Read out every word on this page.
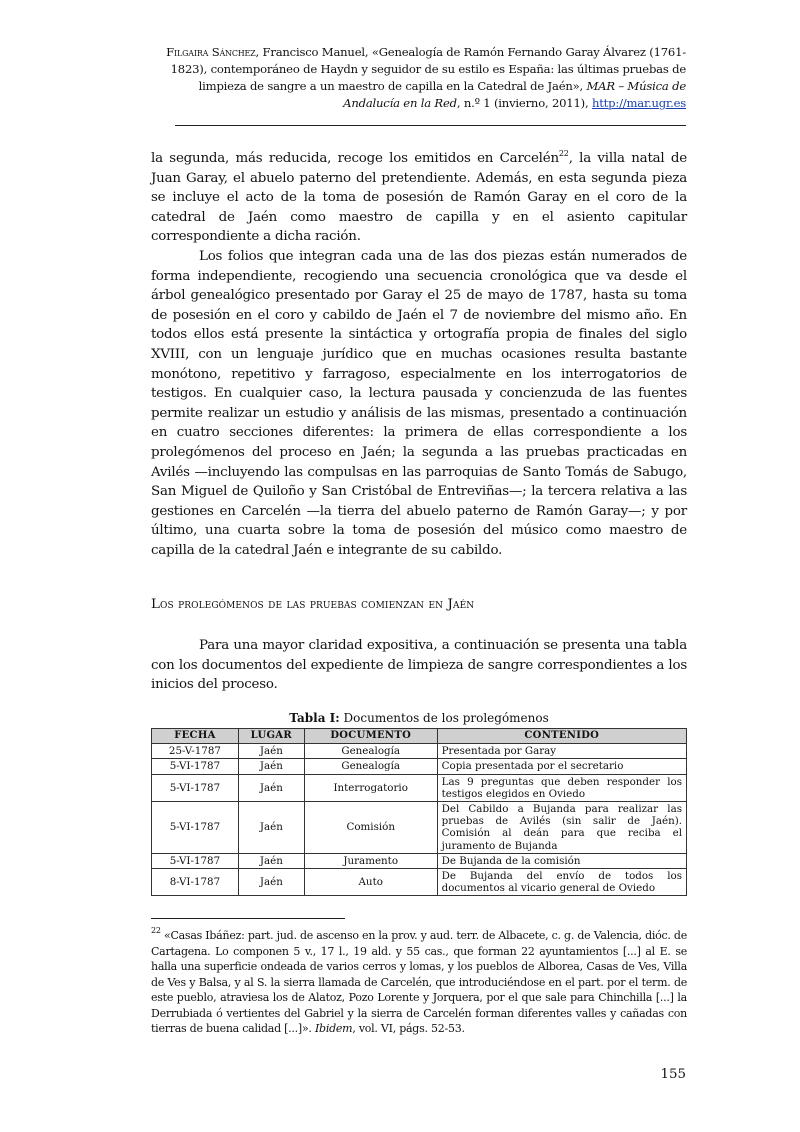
Filgaira Sánchez, Francisco Manuel, «Genealogía de Ramón Fernando Garay Álvarez (1761-1823), contemporáneo de Haydn y seguidor de su estilo es España: las últimas pruebas de limpieza de sangre a un maestro de capilla en la Catedral de Jaén», MAR – Música de Andalucía en la Red, n.º 1 (invierno, 2011), http://mar.ugr.es

la segunda, más reducida, recoge los emitidos en Carcelén$^{22}$, la villa natal de Juan Garay, el abuelo paterno del pretendiente. Además, en esta segunda pieza se incluye el acto de la toma de posesión de Ramón Garay en el coro de la catedral de Jaén como maestro de capilla y en el asiento capitular correspondiente a dicha ración.

Los folios que integran cada una de las dos piezas están numerados de forma independiente, recogiendo una secuencia cronológica que va desde el árbol genealógico presentado por Garay el 25 de mayo de 1787, hasta su toma de posesión en el coro y cabildo de Jaén el 7 de noviembre del mismo año. En todos ellos está presente la sintáctica y ortografía propia de finales del siglo XVIII, con un lenguaje jurídico que en muchas ocasiones resulta bastante monótono, repetitivo y farragoso, especialmente en los interrogatorios de testigos. En cualquier caso, la lectura pausada y concienzuda de las fuentes permite realizar un estudio y análisis de las mismas, presentado a continuación en cuatro secciones diferentes: la primera de ellas correspondiente a los prolegómenos del proceso en Jaén; la segunda a las pruebas practicadas en Avilés —incluyendo las compulsas en las parroquias de Santo Tomás de Sabugo, San Miguel de Quiloño y San Cristóbal de Entreviñas—; la tercera relativa a las gestiones en Carcelén —la tierra del abuelo paterno de Ramón Garay—; y por último, una cuarta sobre la toma de posesión del músico como maestro de capilla de la catedral Jaén e integrante de su cabildo.

Los prolegómenos de las pruebas comienzan en Jaén

Para una mayor claridad expositiva, a continuación se presenta una tabla con los documentos del expediente de limpieza de sangre correspondientes a los inicios del proceso.

Tabla I: Documentos de los prolegómenos
FECHA	LUGAR	DOCUMENTO	CONTENIDO
25-V-1787	Jaén	Genealogía	Presentada por Garay
5-VI-1787	Jaén	Genealogía	Copia presentada por el secretario
5-VI-1787	Jaén	Interrogatorio	Las 9 preguntas que deben responder los testigos elegidos en Oviedo
5-VI-1787	Jaén	Comisión	Del Cabildo a Bujanda para realizar las pruebas de Avilés (sin salir de Jaén). Comisión al deán para que reciba el juramento de Bujanda
5-VI-1787	Jaén	Juramento	De Bujanda de la comisión
8-VI-1787	Jaén	Auto	De Bujanda del envío de todos los documentos al vicario general de Oviedo
$^{22}$ «Casas Ibáñez: part. jud. de ascenso en la prov. y aud. terr. de Albacete, c. g. de Valencia, dióc. de Cartagena. Lo componen 5 v., 17 l., 19 ald. y 55 cas., que forman 22 ayuntamientos [...] al E. se halla una superficie ondeada de varios cerros y lomas, y los pueblos de Alborea, Casas de Ves, Villa de Ves y Balsa, y al S. la sierra llamada de Carcelén, que introduciéndose en el part. por el term. de este pueblo, atraviesa los de Alatoz, Pozo Lorente y Jorquera, por el que sale para Chinchilla [...] la Derrubiada ó vertientes del Gabriel y la sierra de Carcelén forman diferentes valles y cañadas con tierras de buena calidad [...]». Ibidem, vol. VI, págs. 52-53.
155
